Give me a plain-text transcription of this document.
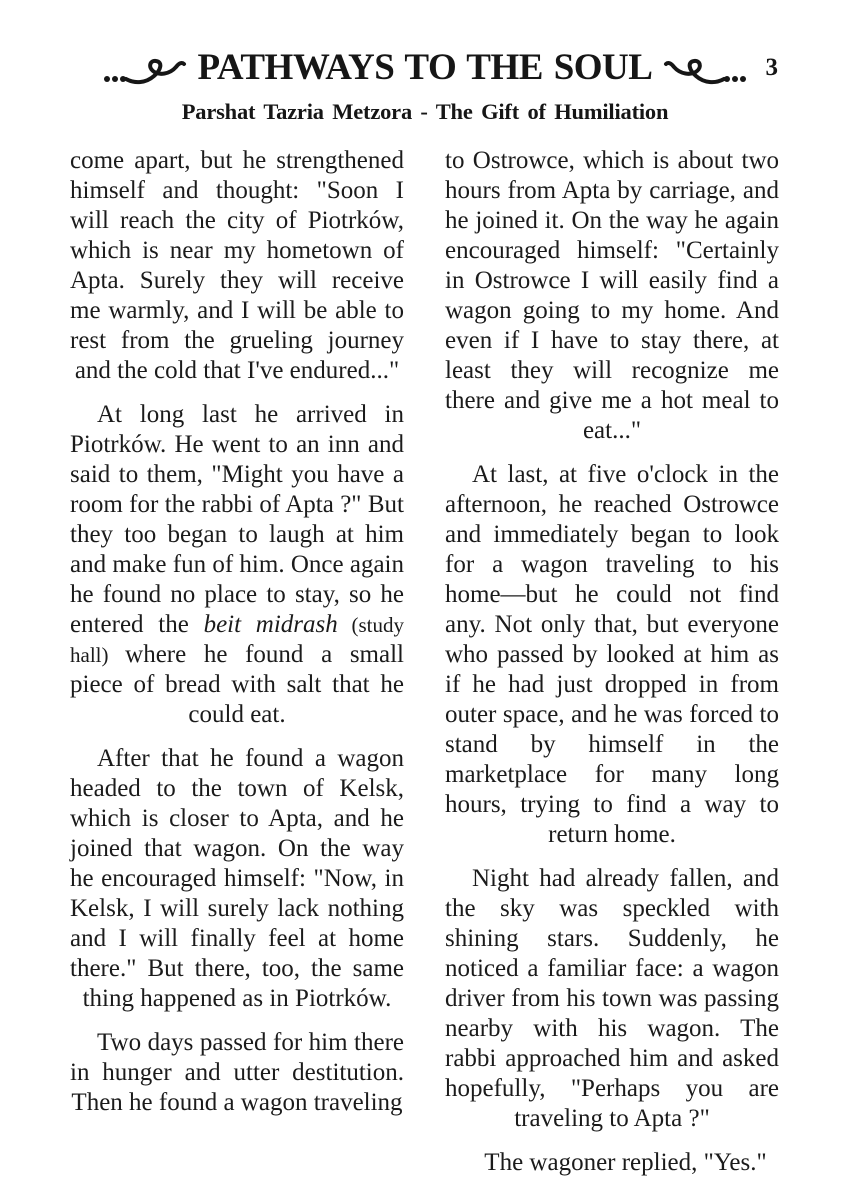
PATHWAYS TO THE SOUL	3
Parshat Tazria Metzora - The Gift of Humiliation

come apart, but he strengthened himself and thought: "Soon I will reach the city of Piotrków, which is near my hometown of Apta. Surely they will receive me warmly, and I will be able to rest from the grueling journey and the cold that I've endured..."

At long last he arrived in Piotrków. He went to an inn and said to them, "Might you have a room for the rabbi of Apta ?" But they too began to laugh at him and make fun of him. Once again he found no place to stay, so he entered the beit midrash (study hall) where he found a small piece of bread with salt that he could eat.

After that he found a wagon headed to the town of Kelsk, which is closer to Apta, and he joined that wagon. On the way he encouraged himself: "Now, in Kelsk, I will surely lack nothing and I will finally feel at home there." But there, too, the same thing happened as in Piotrków.

Two days passed for him there in hunger and utter destitution. Then he found a wagon traveling

to Ostrowce, which is about two hours from Apta by carriage, and he joined it. On the way he again encouraged himself: "Certainly in Ostrowce I will easily find a wagon going to my home. And even if I have to stay there, at least they will recognize me there and give me a hot meal to eat..."

At last, at five o'clock in the afternoon, he reached Ostrowce and immediately began to look for a wagon traveling to his home—but he could not find any. Not only that, but everyone who passed by looked at him as if he had just dropped in from outer space, and he was forced to stand by himself in the marketplace for many long hours, trying to find a way to return home.

Night had already fallen, and the sky was speckled with shining stars. Suddenly, he noticed a familiar face: a wagon driver from his town was passing nearby with his wagon. The rabbi approached him and asked hopefully, "Perhaps you are traveling to Apta ?"

The wagoner replied, "Yes."
